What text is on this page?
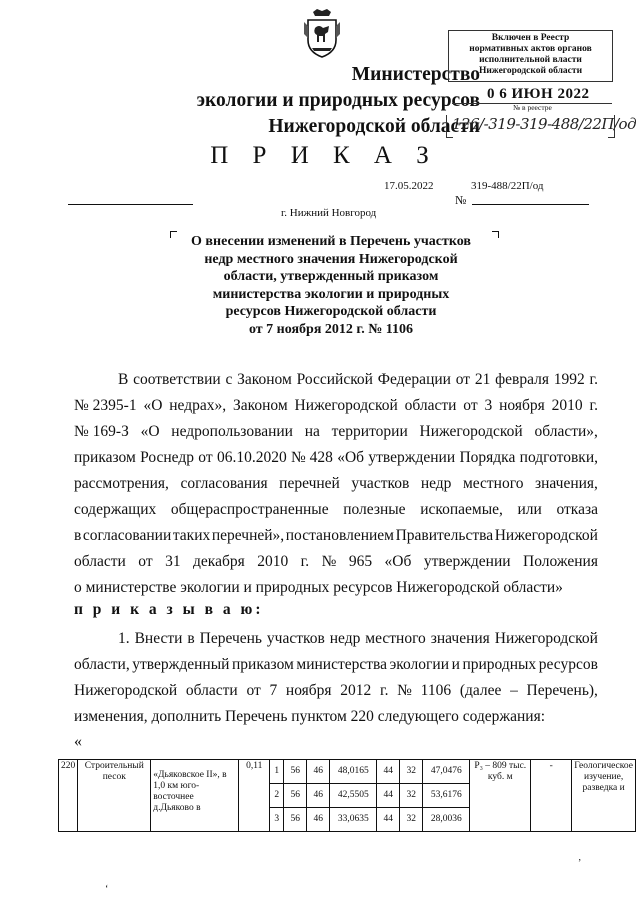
Министерство
экологии и природных ресурсов
Нижегородской области
Включен в Реестр
нормативных актов органов
исполнительной власти
Нижегородской области
0 6 ИЮН 2022
№ в реестре
126/-319-319-488/22П/од
П Р И К А З
17.05.2022	319-488/22П/од
№
г. Нижний Новгород
О внесении изменений в Перечень участков
недр местного значения Нижегородской
области, утвержденный приказом
министерства экологии и природных
ресурсов Нижегородской области
от 7 ноября 2012 г. № 1106
В соответствии с Законом Российской Федерации от 21 февраля 1992 г.
№ 2395-1 «О недрах», Законом Нижегородской области от 3 ноября 2010 г.
№ 169-З «О недропользовании на территории Нижегородской области»,
приказом Роснедр от 06.10.2020 № 428 «Об утверждении Порядка подготовки,
рассмотрения, согласования перечней участков недр местного значения,
содержащих общераспространенные полезные ископаемые, или отказа
в согласовании таких перечней», постановлением Правительства Нижегородской
области от 31 декабря 2010 г. № 965 «Об утверждении Положения
о министерстве экологии и природных ресурсов Нижегородской области»
п р и к а з ы в а ю:
1. Внести в Перечень участков недр местного значения Нижегородской
области, утвержденный приказом министерства экологии и природных ресурсов
Нижегородской области от 7 ноября 2012 г. № 1106 (далее – Перечень),
изменения, дополнить Перечень пунктом 220 следующего содержания:
«
220	Строительный песок	«Дьяковское II», в 1,0 км юго-восточнее д.Дьяково в	0,11	1	56	46	48,0165	44	32	47,0476	P₃ – 809 тыс. куб. м	-	Геологическое изучение, разведка и
				2	56	46	42,5505	44	32	53,6176			
				3	56	46	33,0635	44	32	28,0036			
ʼ
ʻ
